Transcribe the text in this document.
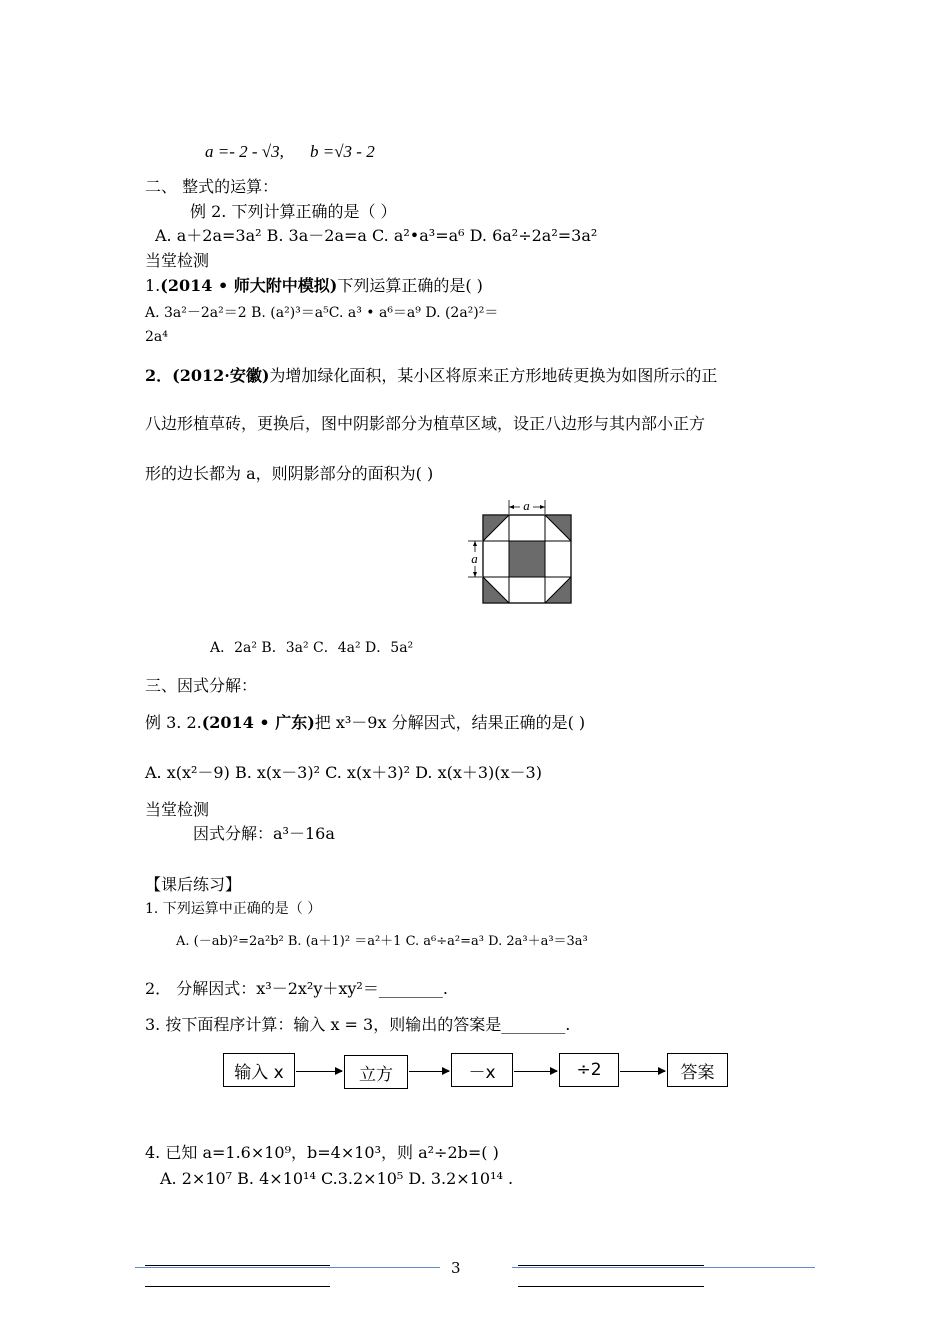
a =- 2 - √3, b =√3 - 2
二、 整式的运算：
例 2. 下列计算正确的是（ ）
A. a＋2a=3a² B. 3a－2a=a C. a²•a³=a⁶ D. 6a²÷2a²=3a²
当堂检测
1.(2014 • 师大附中模拟)下列运算正确的是( )
A. 3a²－2a²＝2 B. (a²)³＝a⁵C. a³ • a⁶＝a⁹ D. (2a²)²＝
2a⁴
2．(2012·安徽)为增加绿化面积，某小区将原来正方形地砖更换为如图所示的正
八边形植草砖，更换后，图中阴影部分为植草区域，设正八边形与其内部小正方
形的边长都为 a，则阴影部分的面积为( )
a
a
A．2a² B．3a² C．4a² D．5a²
三、因式分解：
例 3. 2.(2014 • 广东)把 x³－9x 分解因式，结果正确的是( )
A. x(x²－9) B. x(x－3)² C. x(x＋3)² D. x(x＋3)(x－3)
当堂检测
因式分解：a³－16a
【课后练习】
1. 下列运算中正确的是（ ）
A. (－ab)²=2a²b² B. (a＋1)² ＝a²＋1 C. a⁶÷a²=a³ D. 2a³＋a³＝3a³
2． 分解因式：x³－2x²y＋xy²＝________.
3. 按下面程序计算：输入 x = 3，则输出的答案是________.
输入 x	立方	－x	÷2	答案
4. 已知 a=1.6×10⁹，b=4×10³，则 a²÷2b=( )
A. 2×10⁷ B. 4×10¹⁴ C.3.2×10⁵ D. 3.2×10¹⁴ .
3
